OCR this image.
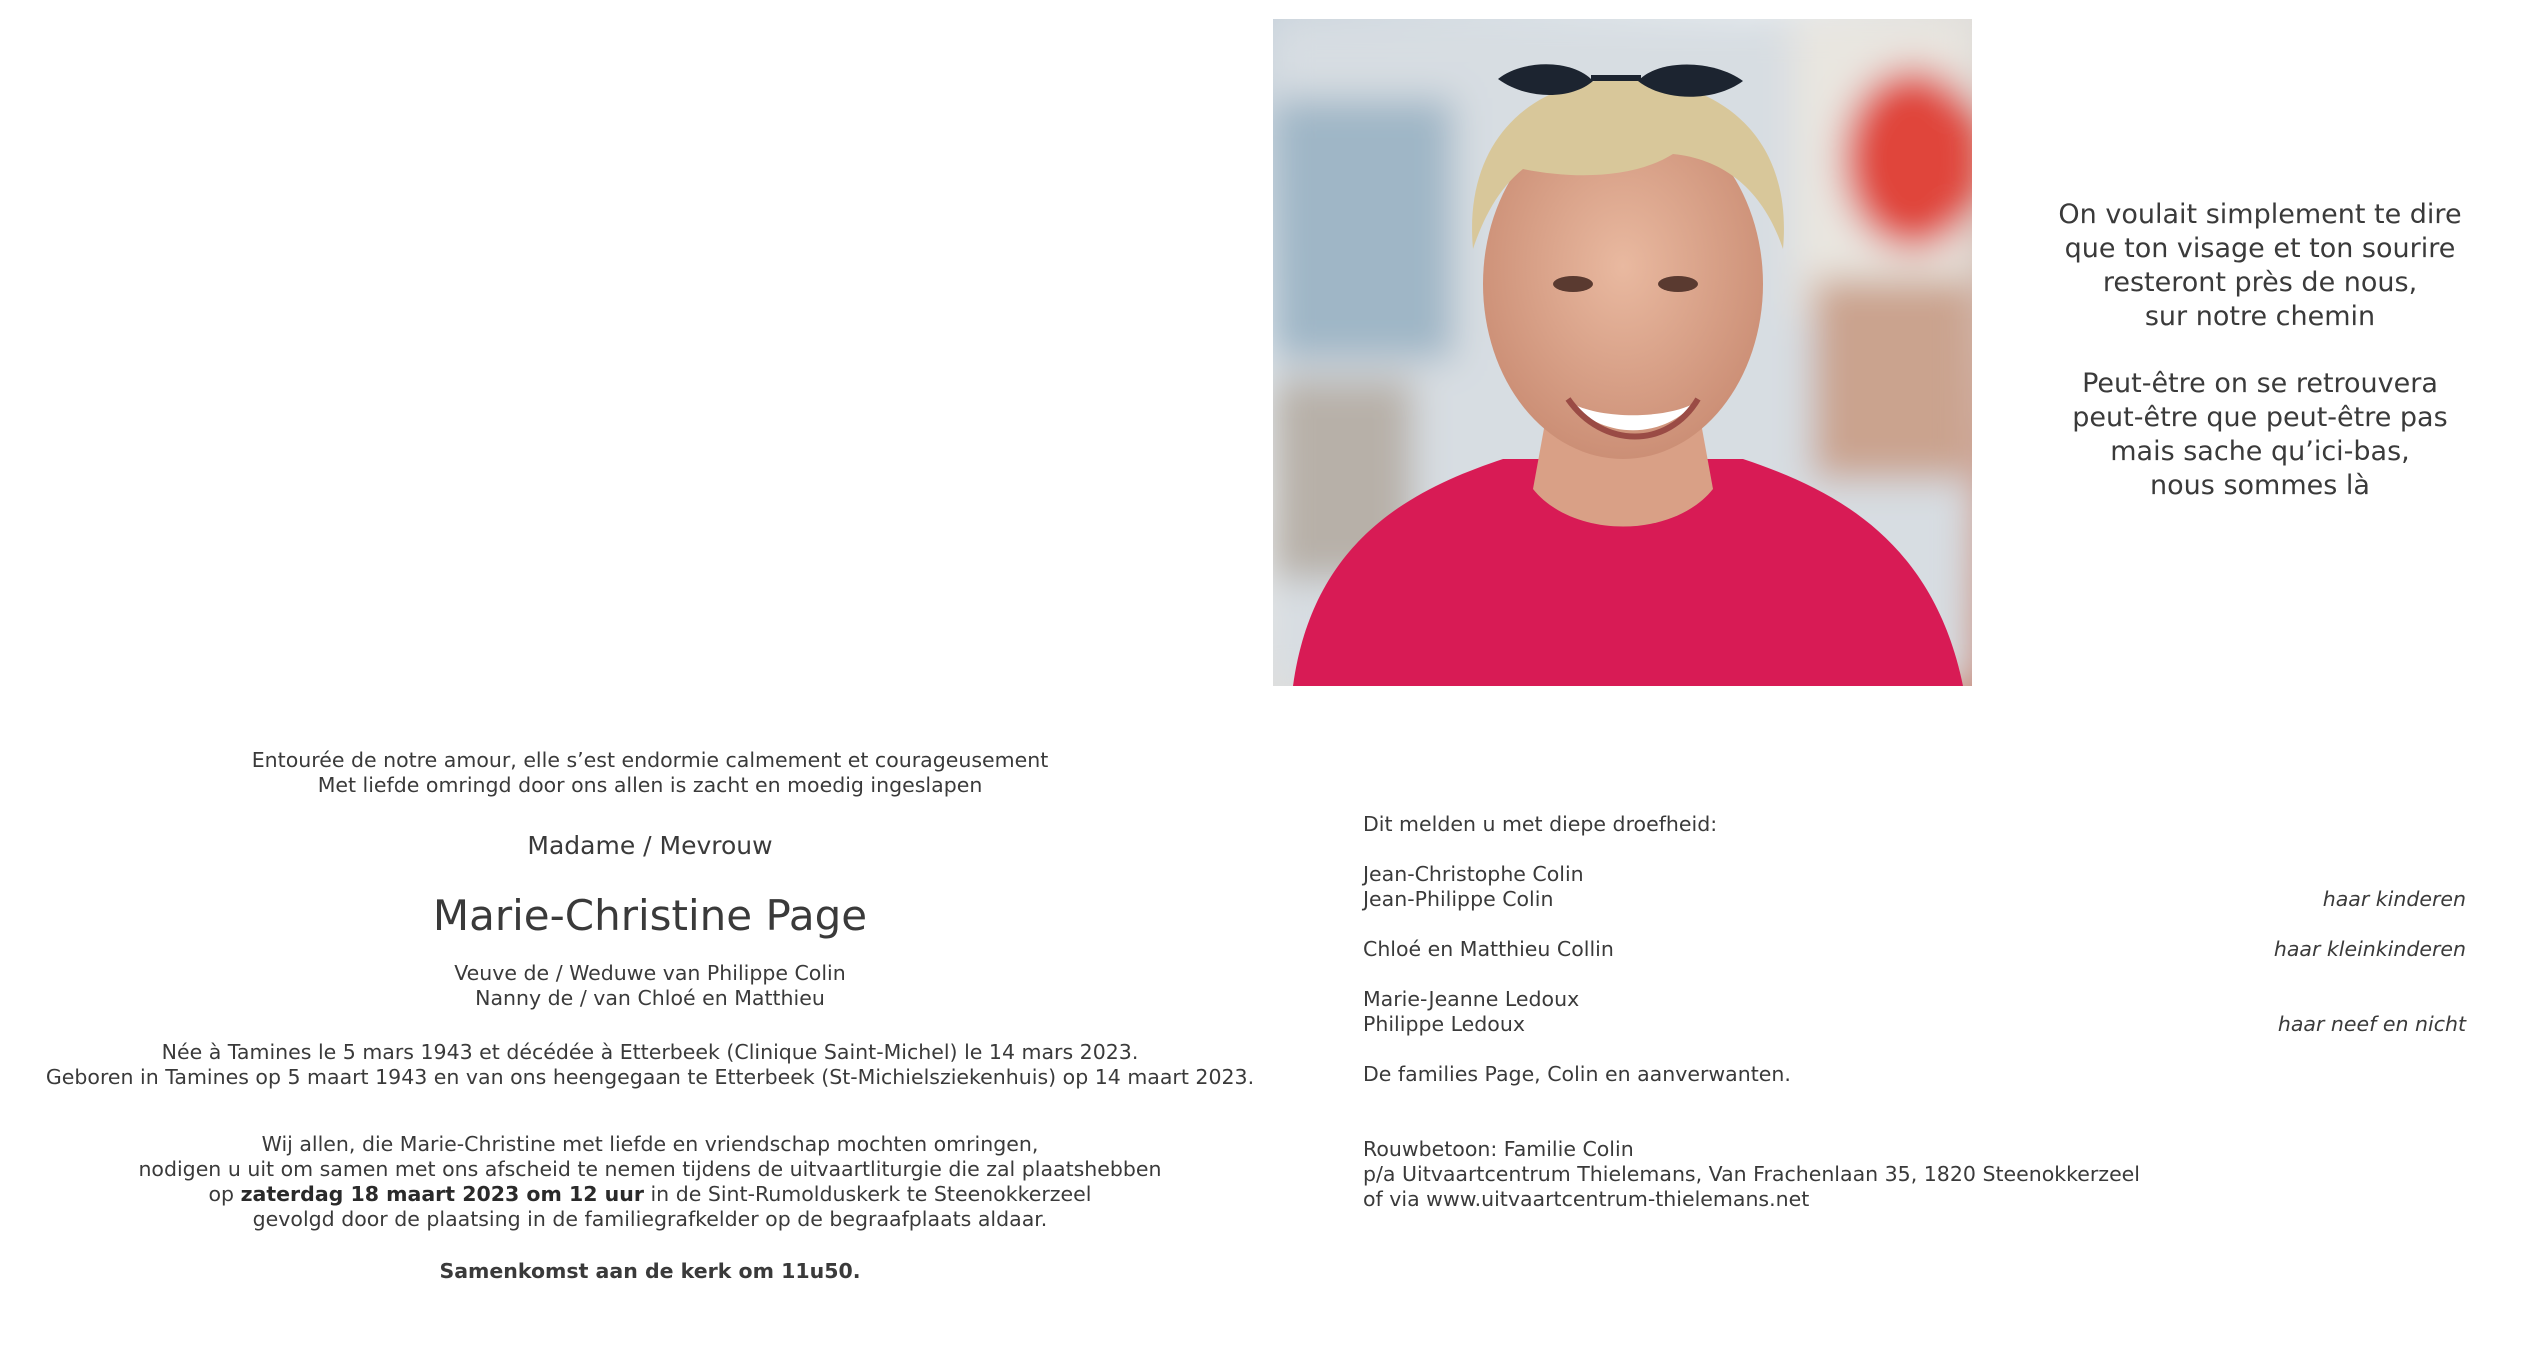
On voulait simplement te dire
que ton visage et ton sourire
resteront près de nous,
sur notre chemin
Peut-être on se retrouvera
peut-être que peut-être pas
mais sache qu’ici-bas,
nous sommes là
Entourée de notre amour, elle s’est endormie calmement et courageusement
Met liefde omringd door ons allen is zacht en moedig ingeslapen
Madame / Mevrouw
Marie-Christine Page
Veuve de / Weduwe van Philippe Colin
Nanny de / van Chloé en Matthieu
Née à Tamines le 5 mars 1943 et décédée à Etterbeek (Clinique Saint-Michel) le 14 mars 2023.
Geboren in Tamines op 5 maart 1943 en van ons heengegaan te Etterbeek (St-Michielsziekenhuis) op 14 maart 2023.
Wij allen, die Marie-Christine met liefde en vriendschap mochten omringen,
nodigen u uit om samen met ons afscheid te nemen tijdens de uitvaartliturgie die zal plaatshebben
op zaterdag 18 maart 2023 om 12 uur in de Sint-Rumolduskerk te Steenokkerzeel
gevolgd door de plaatsing in de familiegrafkelder op de begraafplaats aldaar.
Samenkomst aan de kerk om 11u50.
Dit melden u met diepe droefheid:
Jean-Christophe Colin
Jean-Philippe Colin	haar kinderen
Chloé en Matthieu Collin	haar kleinkinderen
Marie-Jeanne Ledoux
Philippe Ledoux	haar neef en nicht
De families Page, Colin en aanverwanten.
Rouwbetoon: Familie Colin
p/a Uitvaartcentrum Thielemans, Van Frachenlaan 35, 1820 Steenokkerzeel
of via www.uitvaartcentrum-thielemans.net
